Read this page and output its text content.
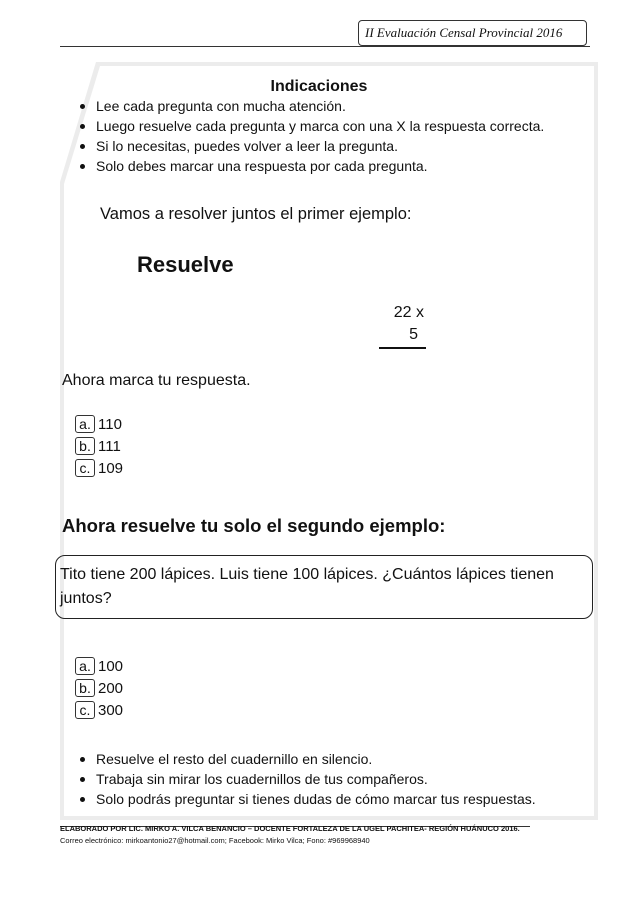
II Evaluación Censal Provincial 2016
Indicaciones
Lee cada pregunta con mucha atención.
Luego resuelve cada pregunta y marca con una X la respuesta correcta.
Si lo necesitas, puedes volver a leer la pregunta.
Solo debes marcar una respuesta por cada pregunta.
Vamos a resolver juntos el primer ejemplo:
Resuelve
22 x
5
Ahora marca tu respuesta.
a. 110
b. 111
c. 109
Ahora resuelve tu solo el segundo ejemplo:
Tito tiene 200 lápices. Luis tiene 100 lápices. ¿Cuántos lápices tienen juntos?
a. 100
b. 200
c. 300
Resuelve el resto del cuadernillo en silencio.
Trabaja sin mirar los cuadernillos de tus compañeros.
Solo podrás preguntar si tienes dudas de cómo marcar tus respuestas.
ELABORADO POR LIC. MIRKO A. VILCA BENANCIO – DOCENTE FORTALEZA DE LA UGEL PACHITEA- REGIÓN HUÁNUCO 2016.
Correo electrónico: mirkoantonio27@hotmail.com; Facebook: Mirko Vilca; Fono: #969968940
